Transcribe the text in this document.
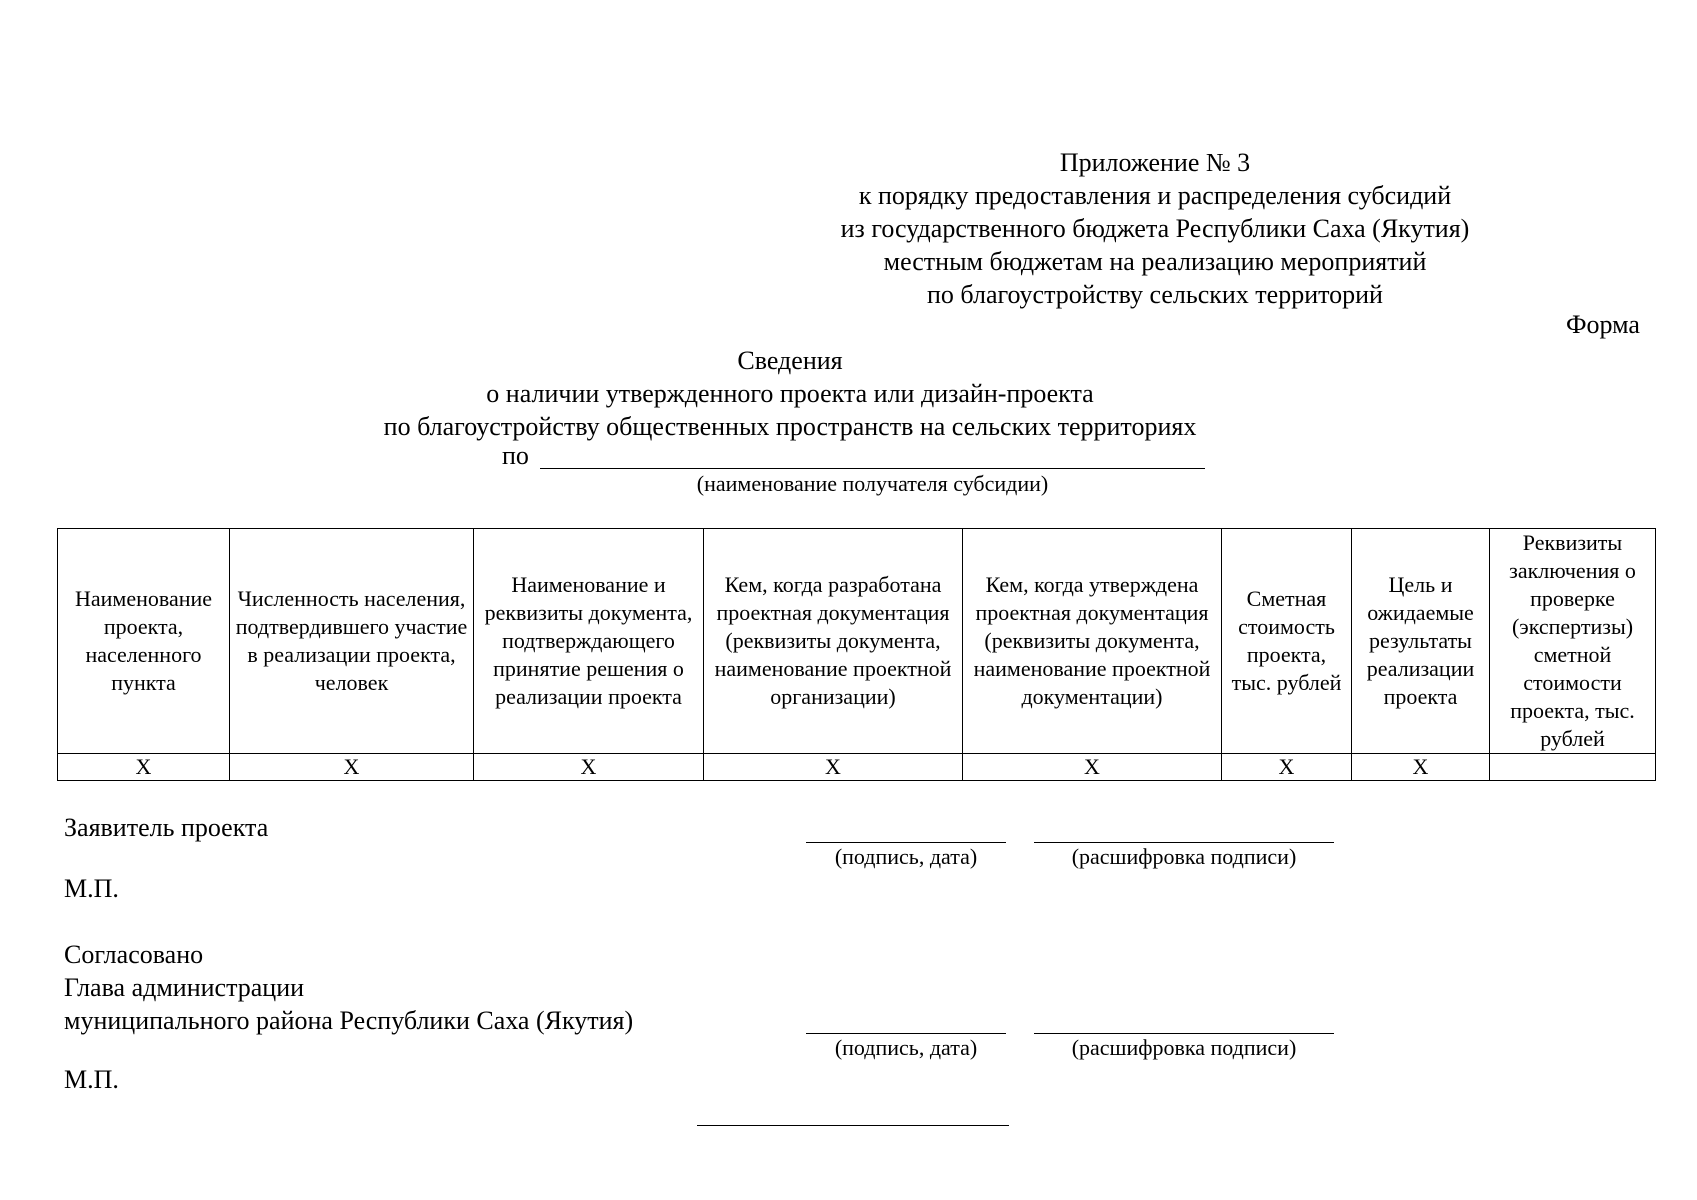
Приложение № 3
к порядку предоставления и распределения субсидий
из государственного бюджета Республики Саха (Якутия)
местным бюджетам на реализацию мероприятий
по благоустройству сельских территорий
Форма
Сведения
о наличии утвержденного проекта или дизайн-проекта
по благоустройству общественных пространств на сельских территориях
по
(наименование получателя субсидии)
Наименование проекта, населенного пункта	Численность населения, подтвердившего участие в реализации проекта, человек	Наименование и реквизиты документа, подтверждающего принятие решения о реализации проекта	Кем, когда разработана проектная документация (реквизиты документа, наименование проектной организации)	Кем, когда утверждена проектная документация (реквизиты документа, наименование проектной документации)	Сметная стоимость проекта, тыс. рублей	Цель и ожидаемые результаты реализации проекта	Реквизиты заключения о проверке (экспертизы) сметной стоимости проекта, тыс. рублей
Х	Х	Х	Х	Х	Х	Х	
Заявитель проекта
(подпись, дата)	(расшифровка подписи)
М.П.
Согласовано
Глава администрации
муниципального района Республики Саха (Якутия)
(подпись, дата)	(расшифровка подписи)
М.П.
